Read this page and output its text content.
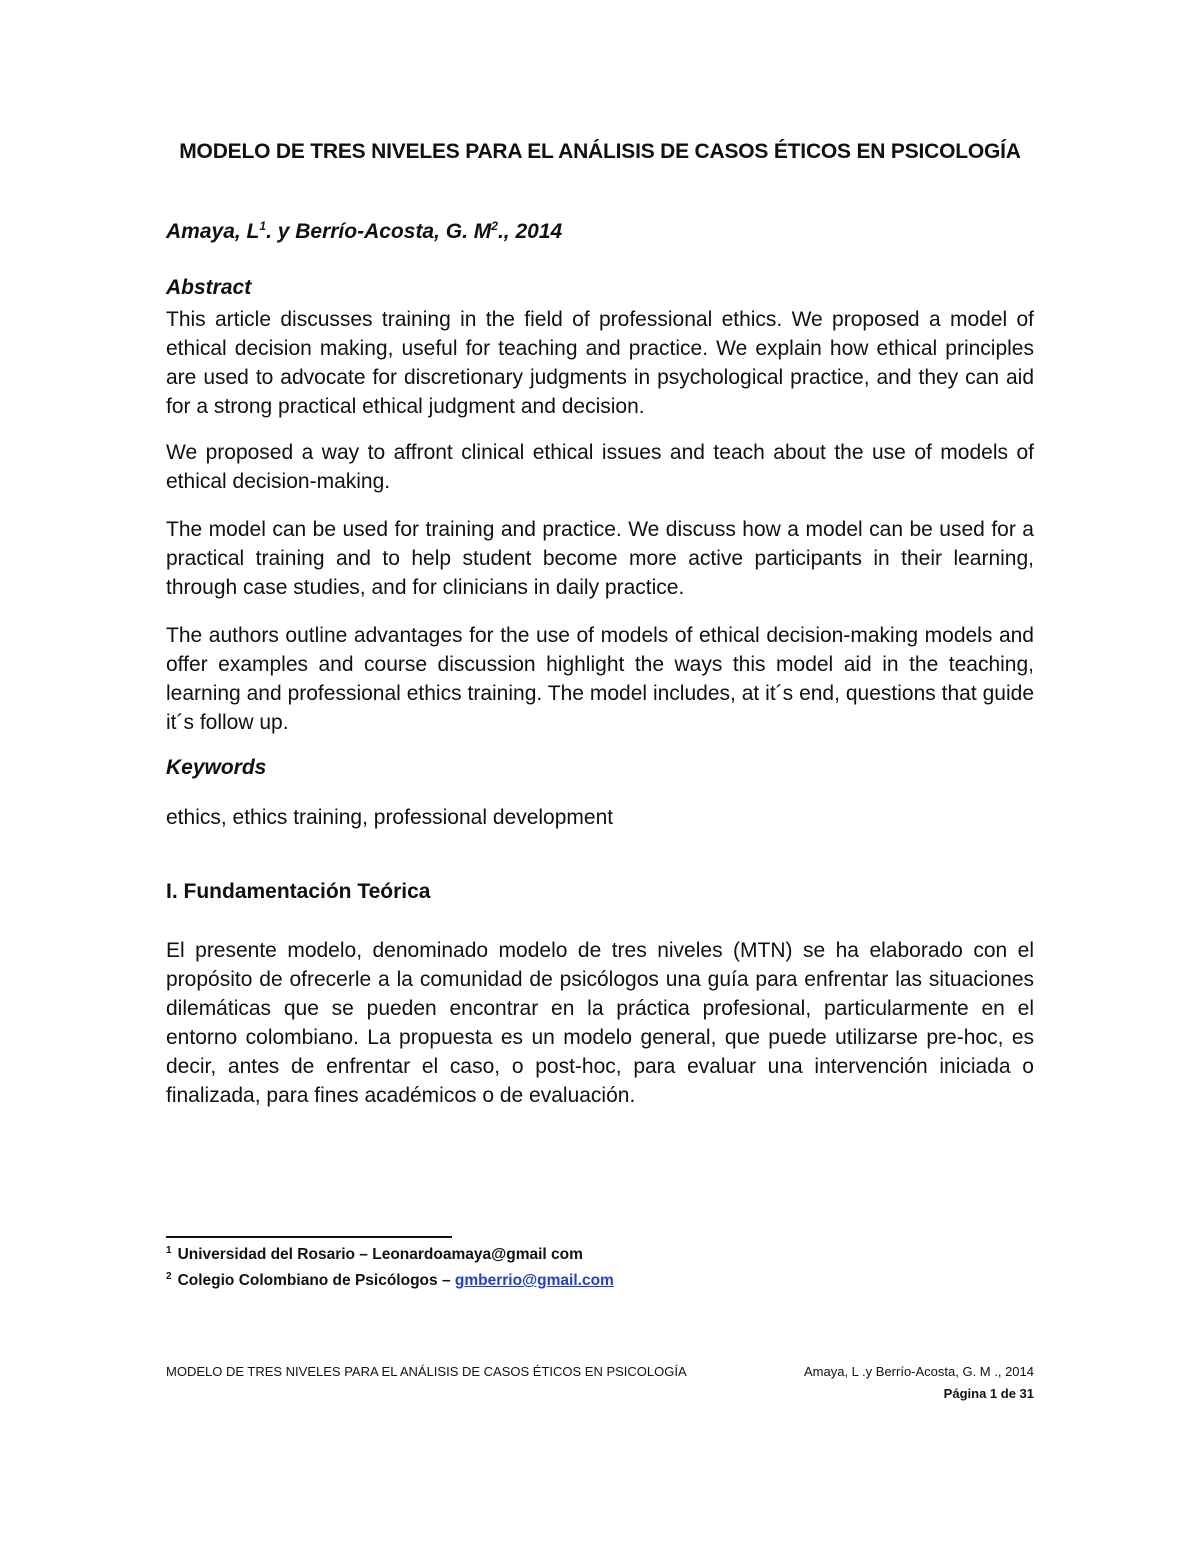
MODELO DE TRES NIVELES PARA EL ANÁLISIS DE CASOS ÉTICOS EN PSICOLOGÍA
Amaya, $L^1$. y Berrío-Acosta, G. $M^2$., 2014
Abstract

This article discusses training in the field of professional ethics. We proposed a model of ethical decision making, useful for teaching and practice. We explain how ethical principles are used to advocate for discretionary judgments in psychological practice, and they can aid for a strong practical ethical judgment and decision.

We proposed a way to affront clinical ethical issues and teach about the use of models of ethical decision-making.

The model can be used for training and practice. We discuss how a model can be used for a practical training and to help student become more active participants in their learning, through case studies, and for clinicians in daily practice.

The authors outline advantages for the use of models of ethical decision-making models and offer examples and course discussion highlight the ways this model aid in the teaching, learning and professional ethics training. The model includes, at it´s end, questions that guide it´s follow up.

Keywords

ethics, ethics training, professional development

I. Fundamentación Teórica

El presente modelo, denominado modelo de tres niveles (MTN) se ha elaborado con el propósito de ofrecerle a la comunidad de psicólogos una guía para enfrentar las situaciones dilemáticas que se pueden encontrar en la práctica profesional, particularmente en el entorno colombiano. La propuesta es un modelo general, que puede utilizarse pre-hoc, es decir, antes de enfrentar el caso, o post-hoc, para evaluar una intervención iniciada o finalizada, para fines académicos o de evaluación.

$^1$ Universidad del Rosario – Leonardoamaya@gmail com
$^2$ Colegio Colombiano de Psicólogos – gmberrio@gmail.com
MODELO DE TRES NIVELES PARA EL ANÁLISIS DE CASOS ÉTICOS EN PSICOLOGÍA	Amaya, L .y Berrío-Acosta, G. M ., 2014
Página 1 de 31
